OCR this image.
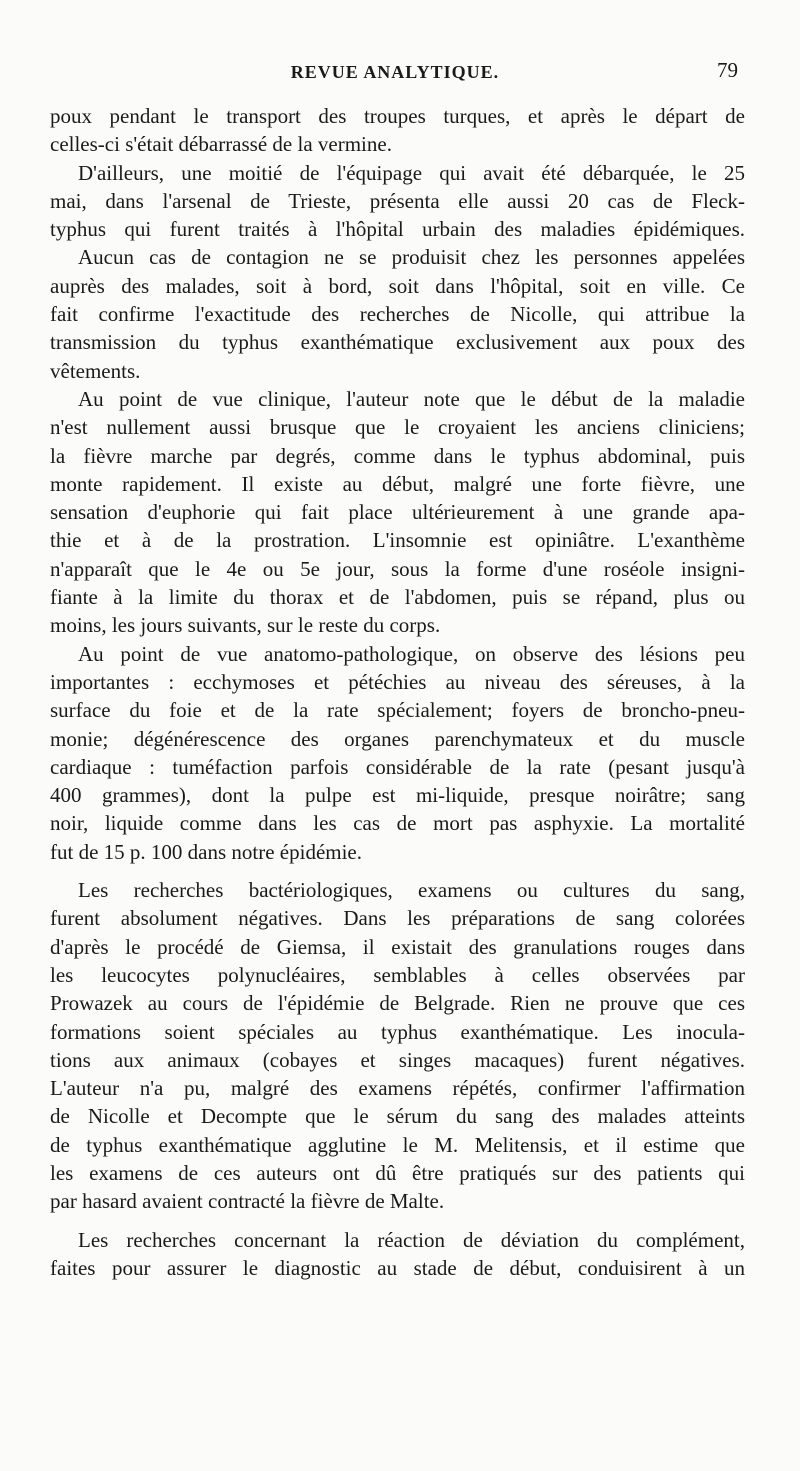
REVUE ANALYTIQUE.	79
poux pendant le transport des troupes turques, et après le départ de
celles-ci s'était débarrassé de la vermine.
D'ailleurs, une moitié de l'équipage qui avait été débarquée, le 25
mai, dans l'arsenal de Trieste, présenta elle aussi 20 cas de Fleck-
typhus qui furent traités à l'hôpital urbain des maladies épidémiques.
Aucun cas de contagion ne se produisit chez les personnes appelées
auprès des malades, soit à bord, soit dans l'hôpital, soit en ville. Ce
fait confirme l'exactitude des recherches de Nicolle, qui attribue la
transmission du typhus exanthématique exclusivement aux poux des
vêtements.
Au point de vue clinique, l'auteur note que le début de la maladie
n'est nullement aussi brusque que le croyaient les anciens cliniciens;
la fièvre marche par degrés, comme dans le typhus abdominal, puis
monte rapidement. Il existe au début, malgré une forte fièvre, une
sensation d'euphorie qui fait place ultérieurement à une grande apa-
thie et à de la prostration. L'insomnie est opiniâtre. L'exanthème
n'apparaît que le 4e ou 5e jour, sous la forme d'une roséole insigni-
fiante à la limite du thorax et de l'abdomen, puis se répand, plus ou
moins, les jours suivants, sur le reste du corps.
Au point de vue anatomo-pathologique, on observe des lésions peu
importantes : ecchymoses et pétéchies au niveau des séreuses, à la
surface du foie et de la rate spécialement; foyers de broncho-pneu-
monie; dégénérescence des organes parenchymateux et du muscle
cardiaque : tuméfaction parfois considérable de la rate (pesant jusqu'à
400 grammes), dont la pulpe est mi-liquide, presque noirâtre; sang
noir, liquide comme dans les cas de mort pas asphyxie. La mortalité
fut de 15 p. 100 dans notre épidémie.
Les recherches bactériologiques, examens ou cultures du sang,
furent absolument négatives. Dans les préparations de sang colorées
d'après le procédé de Giemsa, il existait des granulations rouges dans
les leucocytes polynucléaires, semblables à celles observées par
Prowazek au cours de l'épidémie de Belgrade. Rien ne prouve que ces
formations soient spéciales au typhus exanthématique. Les inocula-
tions aux animaux (cobayes et singes macaques) furent négatives.
L'auteur n'a pu, malgré des examens répétés, confirmer l'affirmation
de Nicolle et Decompte que le sérum du sang des malades atteints
de typhus exanthématique agglutine le M. Melitensis, et il estime que
les examens de ces auteurs ont dû être pratiqués sur des patients qui
par hasard avaient contracté la fièvre de Malte.
Les recherches concernant la réaction de déviation du complément,
faites pour assurer le diagnostic au stade de début, conduisirent à un
